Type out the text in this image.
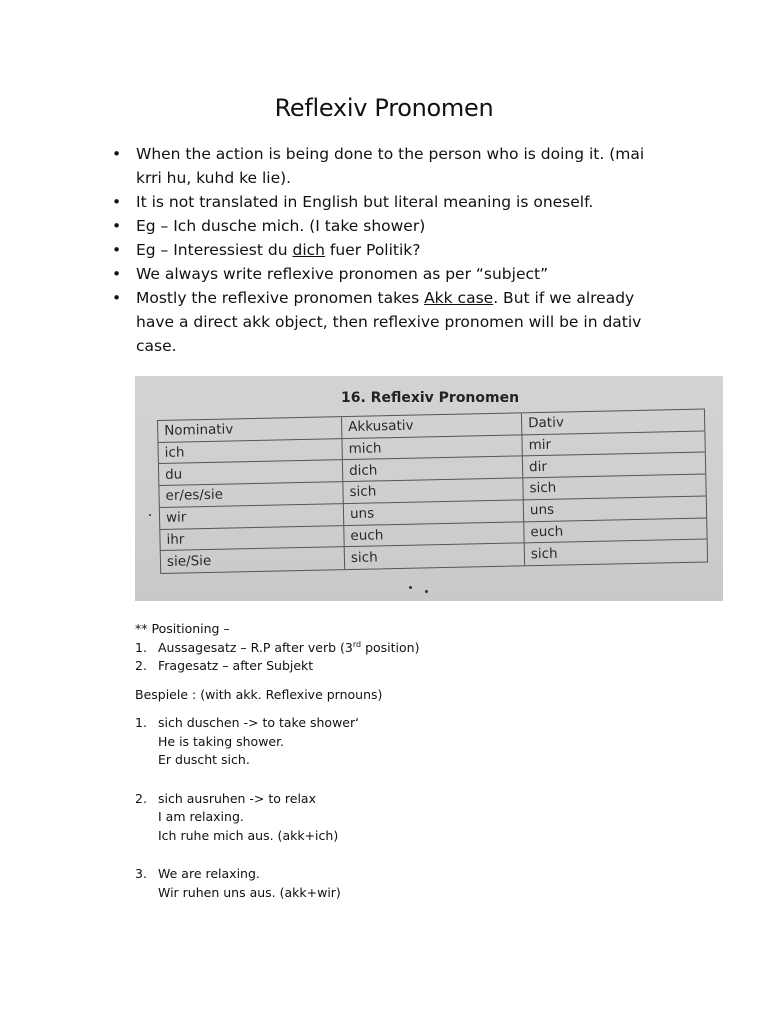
Reflexiv Pronomen
• When the action is being done to the person who is doing it. (mai krri hu, kuhd ke lie).
• It is not translated in English but literal meaning is oneself.
• Eg – Ich dusche mich. (I take shower)
• Eg – Interessiest du dich fuer Politik?
• We always write reflexive pronomen as per “subject”
• Mostly the reflexive pronomen takes Akk case. But if we already have a direct akk object, then reflexive pronomen will be in dativ case.
16. Reflexiv Pronomen
Nominativ	Akkusativ	Dativ
ich	mich	mir
du	dich	dir
er/es/sie	sich	sich
wir	uns	uns
ihr	euch	euch
sie/Sie	sich	sich

** Positioning –

1. Aussagesatz – R.P after verb (3rd position)
2. Fragesatz – after Subjekt

Bespiele : (with akk. Reflexive prnouns)

1. sich duschen -> to take shower‘
He is taking shower.
Er duscht sich.
2. sich ausruhen -> to relax
I am relaxing.
Ich ruhe mich aus. (akk+ich)
3. We are relaxing.
Wir ruhen uns aus. (akk+wir)
